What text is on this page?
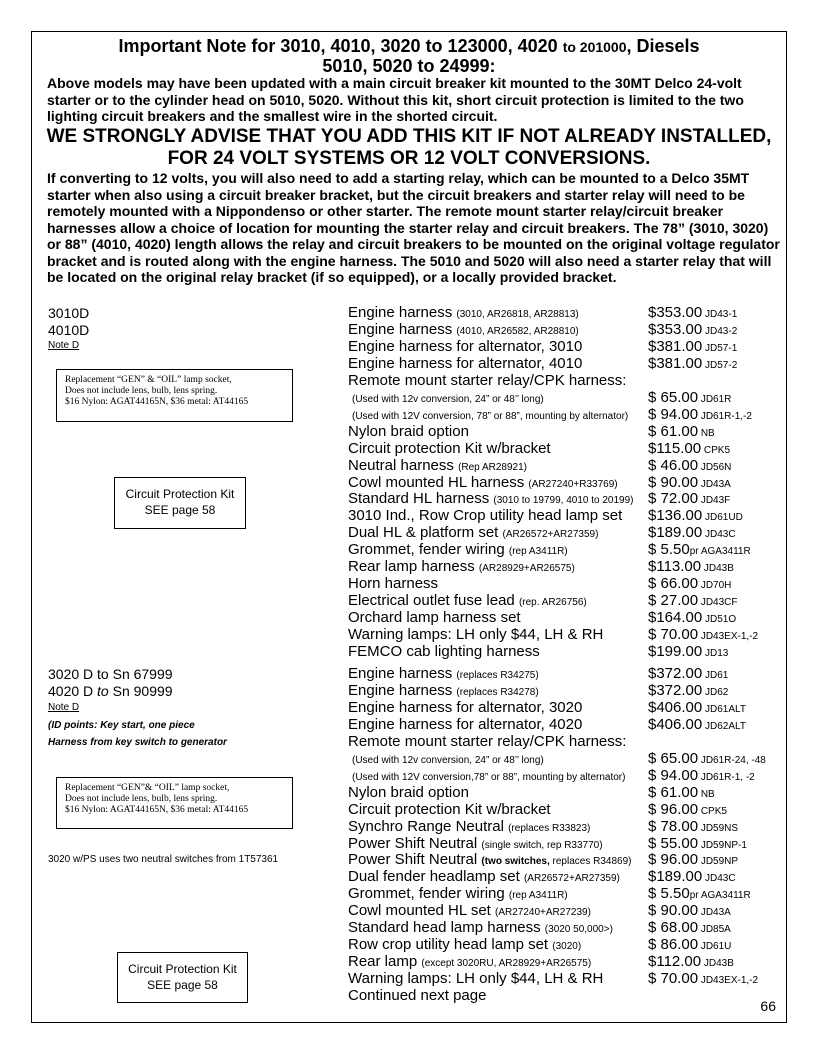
Important Note for 3010, 4010, 3020 to 123000, 4020 to 201000, Diesels
5010, 5020 to 24999:
Above models may have been updated with a main circuit breaker kit mounted to the 30MT Delco 24-volt starter or to the cylinder head on 5010, 5020. Without this kit, short circuit protection is limited to the two lighting circuit breakers and the smallest wire in the shorted circuit.
WE STRONGLY ADVISE THAT YOU ADD THIS KIT IF NOT ALREADY INSTALLED,
FOR 24 VOLT SYSTEMS OR 12 VOLT CONVERSIONS.
If converting to 12 volts, you will also need to add a starting relay, which can be mounted to a Delco 35MT starter when also using a circuit breaker bracket, but the circuit breakers and starter relay will need to be remotely mounted with a Nippondenso or other starter. The remote mount starter relay/circuit breaker harnesses allow a choice of location for mounting the starter relay and circuit breakers. The 78” (3010, 3020) or 88” (4010, 4020) length allows the relay and circuit breakers to be mounted on the original voltage regulator bracket and is routed along with the engine harness. The 5010 and 5020 will also need a starter relay that will be located on the original relay bracket (if so equipped), or a locally provided bracket.
Engine harness (3010, AR26818, AR28813)	$353.00 JD43-1
Engine harness (4010, AR26582, AR28810)	$353.00 JD43-2
Engine harness for alternator, 3010	$381.00 JD57-1
Engine harness for alternator, 4010	$381.00 JD57-2
Remote mount starter relay/CPK harness:
(Used with 12v conversion, 24” or 48’’ long)	$ 65.00 JD61R
(Used with 12V conversion, 78” or 88”, mounting by alternator) $ 94.00 JD61R-1,-2
Nylon braid option	$ 61.00 NB
Circuit protection Kit w/bracket	$115.00 CPK5
Neutral harness (Rep AR28921)	$ 46.00 JD56N
Cowl mounted HL harness (AR27240+R33769) $ 90.00 JD43A
Standard HL harness (3010 to 19799, 4010 to 20199) $ 72.00 JD43F
3010 Ind., Row Crop utility head lamp set $136.00 JD61UD
Dual HL & platform set (AR26572+AR27359)	$189.00 JD43C
Grommet, fender wiring (rep A3411R)	$ 5.50pr AGA3411R
Rear lamp harness (AR28929+AR26575)	$113.00 JD43B
Horn harness	$ 66.00 JD70H
Electrical outlet fuse lead (rep. AR26756)	$ 27.00 JD43CF
Orchard lamp harness set	$164.00 JD51O
Warning lamps: LH only $44, LH & RH	$ 70.00 JD43EX-1,-2
FEMCO cab lighting harness	$199.00 JD13
3010D
4010D
Note D
Engine harness (replaces R34275)	$372.00 JD61
Engine harness (replaces R34278)	$372.00 JD62
Engine harness for alternator, 3020	$406.00 JD61ALT
Engine harness for alternator, 4020	$406.00 JD62ALT
Remote mount starter relay/CPK harness:
(Used with 12v conversion, 24” or 48’’ long)	$ 65.00 JD61R-24, -48
(Used with 12V conversion,78” or 88”, mounting by alternator) $ 94.00 JD61R-1, -2
Nylon braid option	$ 61.00 NB
Circuit protection Kit w/bracket	$ 96.00 CPK5
Synchro Range Neutral (replaces R33823)	$ 78.00 JD59NS
Power Shift Neutral (single switch, rep R33770)	$ 55.00 JD59NP-1
Power Shift Neutral (two switches, replaces R34869) $ 96.00 JD59NP
Dual fender headlamp set (AR26572+AR27359) $189.00 JD43C
Grommet, fender wiring (rep A3411R)	$ 5.50pr AGA3411R
Cowl mounted HL set (AR27240+AR27239)	$ 90.00 JD43A
Standard head lamp harness (3020 50,000>) $ 68.00 JD85A
Row crop utility head lamp set (3020)	$ 86.00 JD61U
Rear lamp (except 3020RU, AR28929+AR26575)	$112.00 JD43B
Warning lamps: LH only $44, LH & RH	$ 70.00 JD43EX-1,-2
Continued next page
3020 D to Sn 67999
4020 D to Sn 90999
Note D
(ID points: Key start, one piece
Harness from key switch to generator
3020 w/PS uses two neutral switches from 1T57361
Replacement “GEN” & “OIL” lamp socket,
Does not include lens, bulb, lens spring.
$16 Nylon: AGAT44165N, $36 metal: AT44165
Circuit Protection Kit
SEE page 58
Replacement “GEN”& “OIL” lamp socket,
Does not include lens, bulb, lens spring.
$16 Nylon: AGAT44165N, $36 metal: AT44165
Circuit Protection Kit
SEE page 58
66
